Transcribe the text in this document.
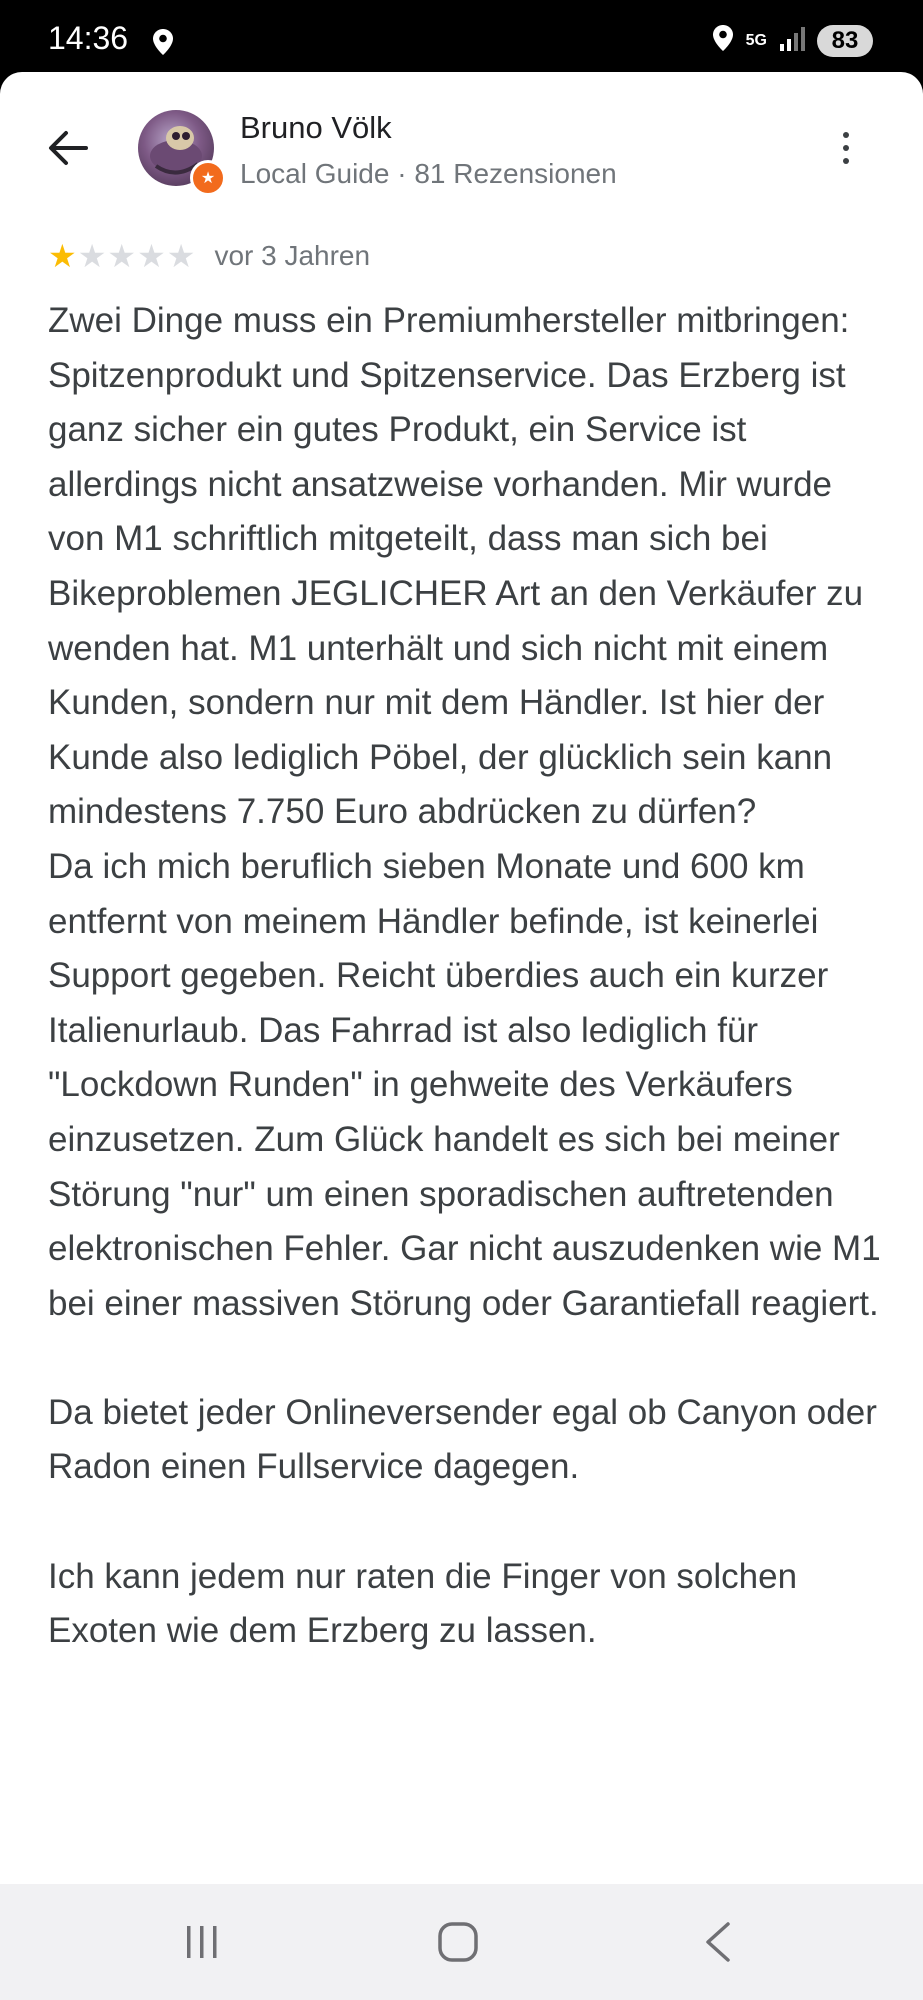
14:36	5G	83
★
Bruno Völk
Local Guide · 81 Rezensionen
★★★★★ vor 3 Jahren
Zwei Dinge muss ein Premiumhersteller mitbringen: Spitzenprodukt und Spitzenservice. Das Erzberg ist ganz sicher ein gutes Produkt, ein Service ist allerdings nicht ansatzweise vorhanden. Mir wurde von M1 schriftlich mitgeteilt, dass man sich bei Bikeproblemen JEGLICHER Art an den Verkäufer zu wenden hat. M1 unterhält und sich nicht mit einem Kunden, sondern nur mit dem Händler. Ist hier der Kunde also lediglich Pöbel, der glücklich sein kann mindestens 7.750 Euro abdrücken zu dürfen?
Da ich mich beruflich sieben Monate und 600 km entfernt von meinem Händler befinde, ist keinerlei Support gegeben. Reicht überdies auch ein kurzer Italienurlaub. Das Fahrrad ist also lediglich für "Lockdown Runden" in gehweite des Verkäufers einzusetzen. Zum Glück handelt es sich bei meiner Störung "nur" um einen sporadischen auftretenden elektronischen Fehler. Gar nicht auszudenken wie M1 bei einer massiven Störung oder Garantiefall reagiert.

Da bietet jeder Onlineversender egal ob Canyon oder Radon einen Fullservice dagegen.

Ich kann jedem nur raten die Finger von solchen Exoten wie dem Erzberg zu lassen.
